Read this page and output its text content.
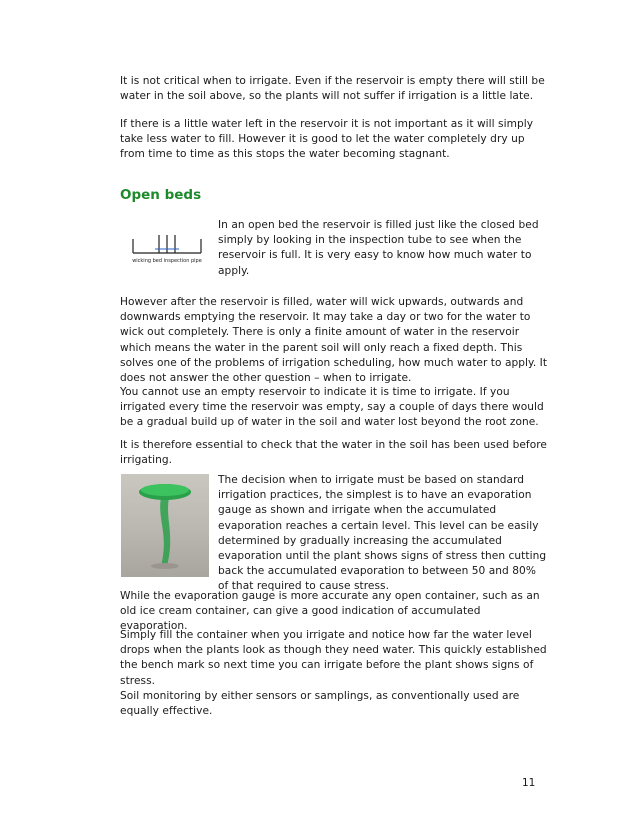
It is not critical when to irrigate. Even if the reservoir is empty there will still be water in the soil above, so the plants will not suffer if irrigation is a little late.

If there is a little water left in the reservoir it is not important as it will simply take less water to fill. However it is good to let the water completely dry up from time to time as this stops the water becoming stagnant.

Open beds
wicking bed inspection pipe

In an open bed the reservoir is filled just like the closed bed simply by looking in the inspection tube to see when the reservoir is full. It is very easy to know how much water to apply.

However after the reservoir is filled, water will wick upwards, outwards and downwards emptying the reservoir. It may take a day or two for the water to wick out completely. There is only a finite amount of water in the reservoir which means the water in the parent soil will only reach a fixed depth. This solves one of the problems of irrigation scheduling, how much water to apply. It does not answer the other question – when to irrigate.

You cannot use an empty reservoir to indicate it is time to irrigate. If you irrigated every time the reservoir was empty, say a couple of days there would be a gradual build up of water in the soil and water lost beyond the root zone.

It is therefore essential to check that the water in the soil has been used before irrigating.

The decision when to irrigate must be based on standard irrigation practices, the simplest is to have an evaporation gauge as shown and irrigate when the accumulated evaporation reaches a certain level. This level can be easily determined by gradually increasing the accumulated evaporation until the plant shows signs of stress then cutting back the accumulated evaporation to between 50 and 80% of that required to cause stress.

While the evaporation gauge is more accurate any open container, such as an old ice cream container, can give a good indication of accumulated evaporation.

Simply fill the container when you irrigate and notice how far the water level drops when the plants look as though they need water. This quickly established the bench mark so next time you can irrigate before the plant shows signs of stress.

Soil monitoring by either sensors or samplings, as conventionally used are equally effective.

11
